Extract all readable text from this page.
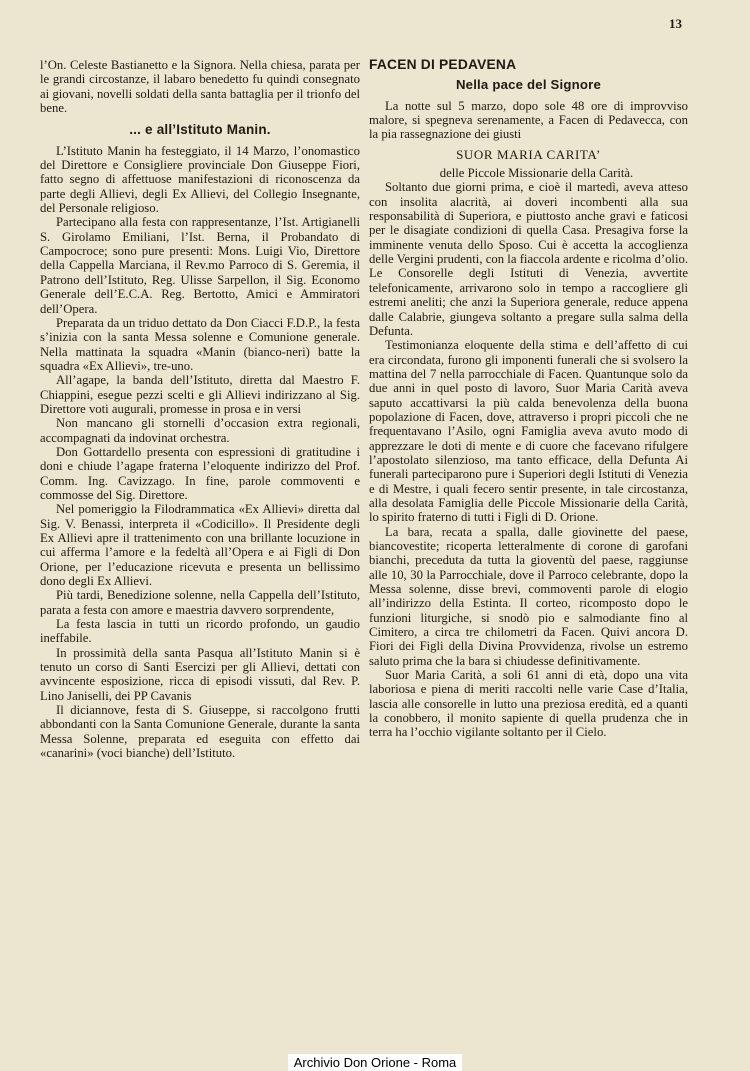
13

l’On. Celeste Bastianetto e la Signora. Nella chiesa, parata per le grandi circostanze, il labaro benedetto fu quindi consegnato ai giovani, novelli soldati della santa battaglia per il trionfo del bene.

... e all’Istituto Manin.

L’Istituto Manin ha festeggiato, il 14 Marzo, l’onomastico del Direttore e Consigliere provinciale Don Giuseppe Fiori, fatto segno di affettuose manifestazioni di riconoscenza da parte degli Allievi, degli Ex Allievi, del Collegio Insegnante, del Personale religioso.

Partecipano alla festa con rappresentanze, l’Ist. Artigianelli S. Girolamo Emiliani, l’Ist. Berna, il Probandato di Campocroce; sono pure presenti: Mons. Luigi Vio, Direttore della Cappella Marciana, il Rev.mo Parroco di S. Geremia, il Patrono dell’Istituto, Reg. Ulisse Sarpellon, il Sig. Economo Generale dell’E.C.A. Reg. Bertotto, Amici e Ammiratori dell’Opera.

Preparata da un triduo dettato da Don Ciacci F.D.P., la festa s’inizia con la santa Messa solenne e Comunione generale. Nella mattinata la squadra «Manin (bianco-neri) batte la squadra «Ex Allievi», tre-uno.

All’agape, la banda dell’Istituto, diretta dal Maestro F. Chiappini, esegue pezzi scelti e gli Allievi indirizzano al Sig. Direttore voti augurali, promesse in prosa e in versi

Non mancano gli stornelli d’occasion extra regionali, accompagnati da indovinat orchestra.

Don Gottardello presenta con espressioni di gratitudine i doni e chiude l’agape fraterna l’eloquente indirizzo del Prof. Comm. Ing. Cavizzago. In fine, parole commoventi e commosse del Sig. Direttore.

Nel pomeriggio la Filodrammatica «Ex Allievi» diretta dal Sig. V. Benassi, interpreta il «Codicillo». Il Presidente degli Ex Allievi apre il trattenimento con una brillante locuzione in cui afferma l’amore e la fedeltà all’Opera e ai Figli di Don Orione, per l’educazione ricevuta e presenta un bellissimo dono degli Ex Allievi.

Più tardi, Benedizione solenne, nella Cappella dell’Istituto, parata a festa con amore e maestria davvero sorprendente,

La festa lascia in tutti un ricordo profondo, un gaudio ineffabile.

In prossimità della santa Pasqua all’Istituto Manin si è tenuto un corso di Santi Esercizi per gli Allievi, dettati con avvincente esposizione, ricca di episodi vissuti, dal Rev. P. Lino Janiselli, dei PP Cavanis

Il diciannove, festa di S. Giuseppe, si raccolgono frutti abbondanti con la Santa Comunione Generale, durante la santa Messa Solenne, preparata ed eseguita con effetto dai «canarini» (voci bianche) dell’Istituto.

FACEN DI PEDAVENA
Nella pace del Signore

La notte sul 5 marzo, dopo sole 48 ore di improvviso malore, si spegneva serenamente, a Facen di Pedavecca, con la pia rassegnazione dei giusti

SUOR MARIA CARITA’

delle Piccole Missionarie della Carità.

Soltanto due giorni prima, e cioè il martedì, aveva atteso con insolita alacrità, ai doveri incombenti alla sua responsabilità di Superiora, e piuttosto anche gravi e faticosi per le disagiate condizioni di quella Casa. Presagiva forse la imminente venuta dello Sposo. Cui è accetta la accoglienza delle Vergini prudenti, con la fiaccola ardente e ricolma d’olio. Le Consorelle degli Istituti di Venezia, avvertite telefonicamente, arrivarono solo in tempo a raccogliere gli estremi aneliti; che anzi la Superiora generale, reduce appena dalle Calabrie, giungeva soltanto a pregare sulla salma della Defunta.

Testimonianza eloquente della stima e dell’affetto di cui era circondata, furono gli imponenti funerali che si svolsero la mattina del 7 nella parrocchiale di Facen. Quantunque solo da due anni in quel posto di lavoro, Suor Maria Carità aveva saputo accattivarsi la più calda benevolenza della buona popolazione di Facen, dove, attraverso i propri piccoli che ne frequentavano l’Asilo, ogni Famiglia aveva avuto modo di apprezzare le doti di mente e di cuore che facevano rifulgere l’apostolato silenzioso, ma tanto efficace, della Defunta Ai funerali parteciparono pure i Superiori degli Istituti di Venezia e di Mestre, i quali fecero sentir presente, in tale circostanza, alla desolata Famiglia delle Piccole Missionarie della Carità, lo spirito fraterno di tutti i Figli di D. Orione.

La bara, recata a spalla, dalle giovinette del paese, biancovestite; ricoperta letteralmente di corone di garofani bianchi, preceduta da tutta la gioventù del paese, raggiunse alle 10, 30 la Parrocchiale, dove il Parroco celebrante, dopo la Messa solenne, disse brevi, commoventi parole di elogio all’indirizzo della Estinta. Il corteo, ricomposto dopo le funzioni liturgiche, si snodò pio e salmodiante fino al Cimitero, a circa tre chilometri da Facen. Quivi ancora D. Fiori dei Figli della Divina Provvidenza, rivolse un estremo saluto prima che la bara si chiudesse definitivamente.

Suor Maria Carità, a soli 61 anni di età, dopo una vita laboriosa e piena di meriti raccolti nelle varie Case d’Italia, lascia alle consorelle in lutto una preziosa eredità, ed a quanti la conobbero, il monito sapiente di quella prudenza che in terra ha l’occhio vigilante soltanto per il Cielo.

Archivio Don Orione - Roma
